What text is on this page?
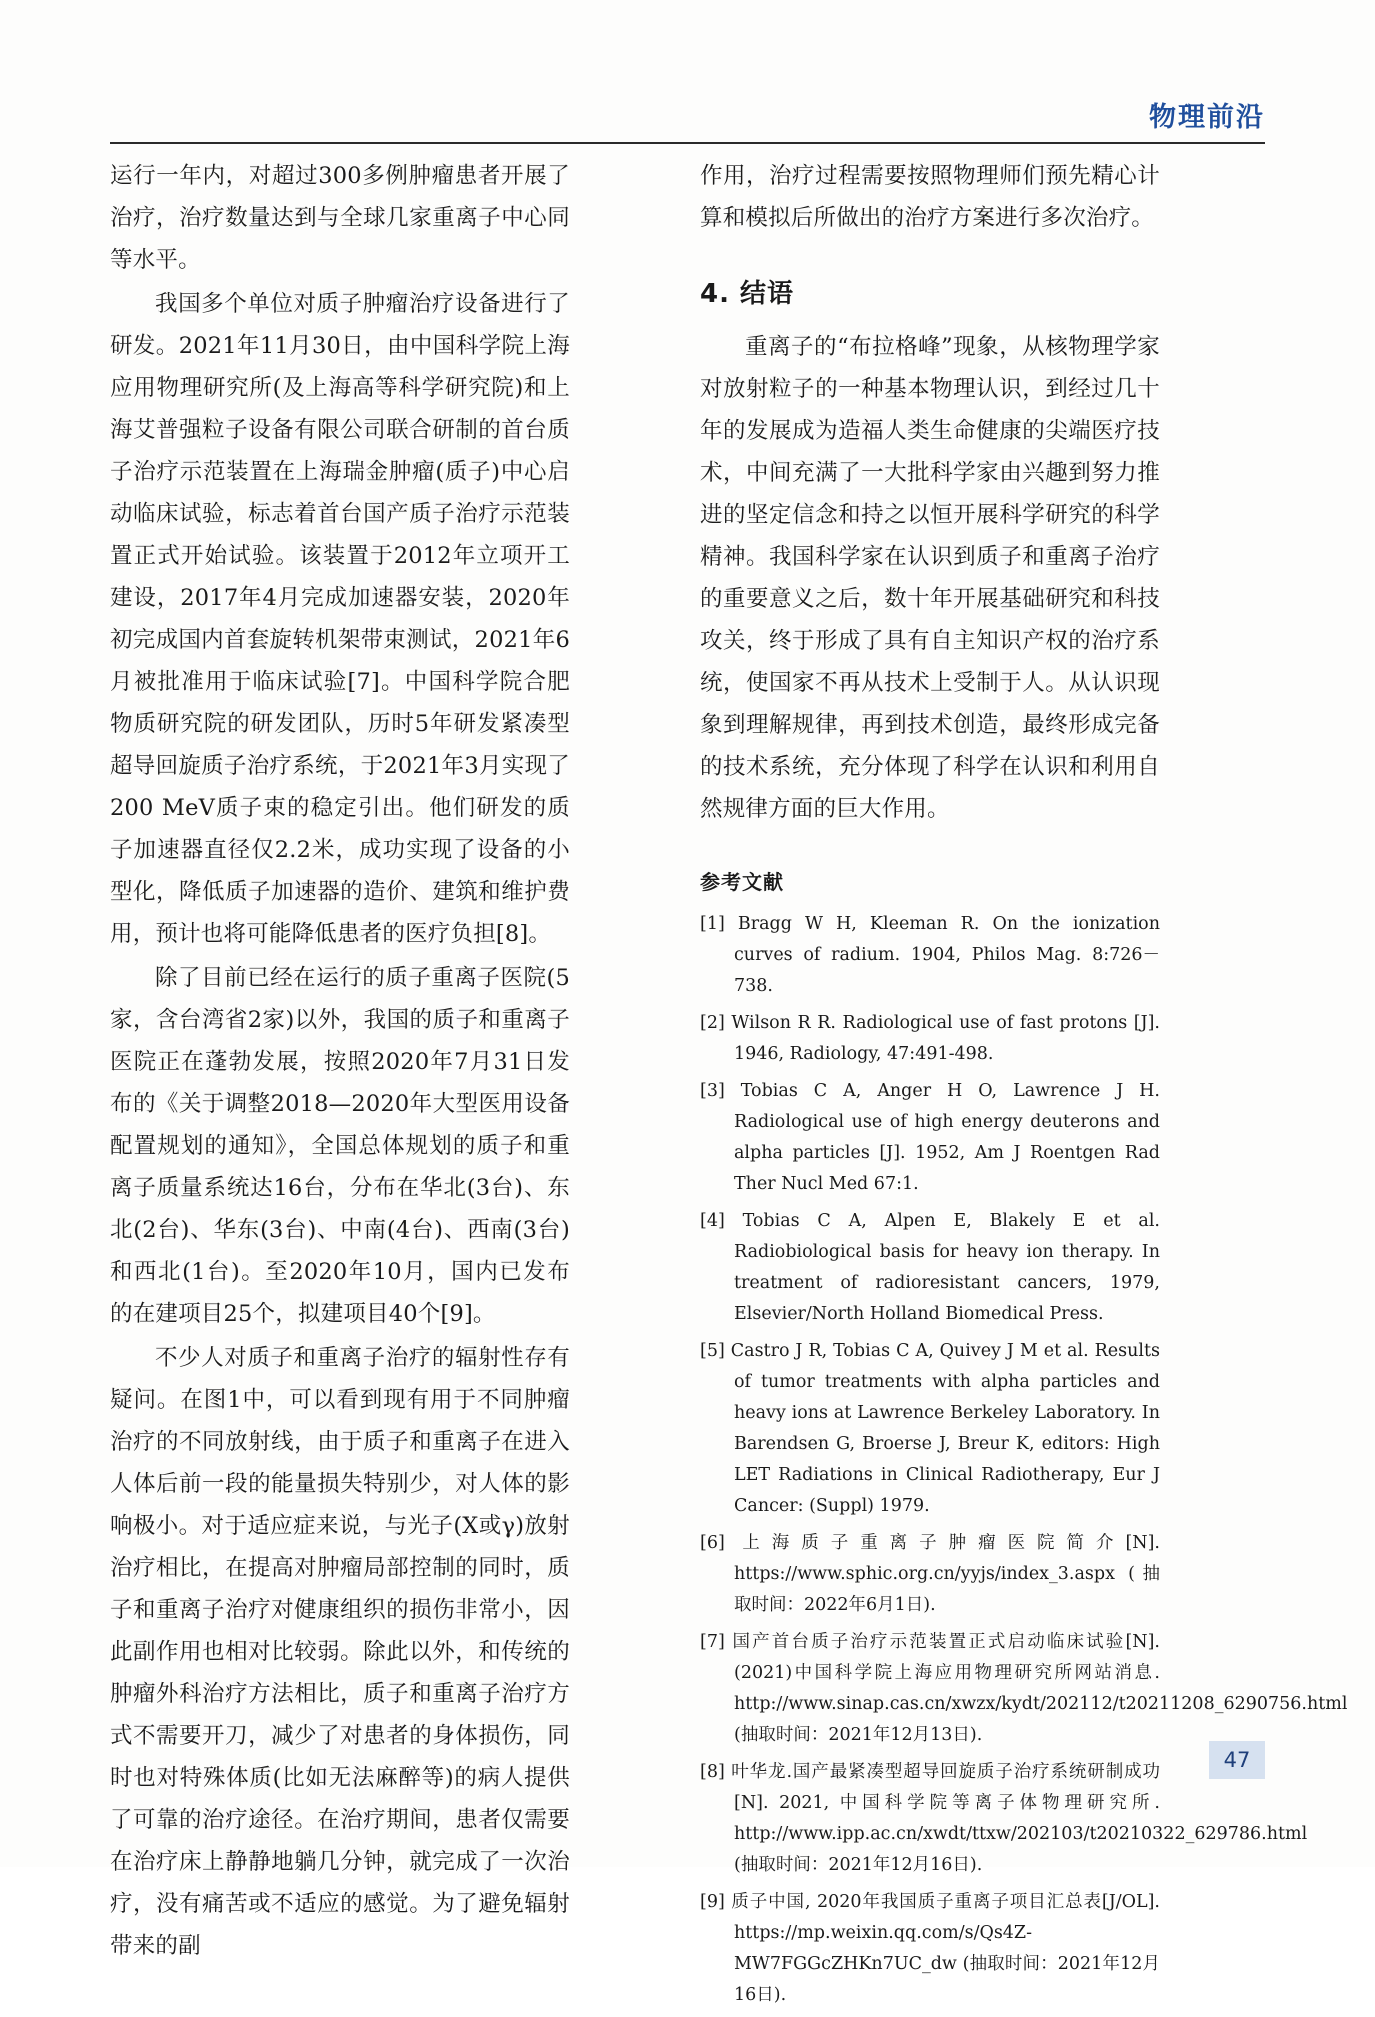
物理前沿

运行一年内，对超过300多例肿瘤患者开展了治疗，治疗数量达到与全球几家重离子中心同等水平。

我国多个单位对质子肿瘤治疗设备进行了研发。2021年11月30日，由中国科学院上海应用物理研究所(及上海高等科学研究院)和上海艾普强粒子设备有限公司联合研制的首台质子治疗示范装置在上海瑞金肿瘤(质子)中心启动临床试验，标志着首台国产质子治疗示范装置正式开始试验。该装置于2012年立项开工建设，2017年4月完成加速器安装，2020年初完成国内首套旋转机架带束测试，2021年6月被批准用于临床试验[7]。中国科学院合肥物质研究院的研发团队，历时5年研发紧凑型超导回旋质子治疗系统，于2021年3月实现了200 MeV质子束的稳定引出。他们研发的质子加速器直径仅2.2米，成功实现了设备的小型化，降低质子加速器的造价、建筑和维护费用，预计也将可能降低患者的医疗负担[8]。

除了目前已经在运行的质子重离子医院(5家，含台湾省2家)以外，我国的质子和重离子医院正在蓬勃发展，按照2020年7月31日发布的《关于调整2018—2020年大型医用设备配置规划的通知》，全国总体规划的质子和重离子质量系统达16台，分布在华北(3台)、东北(2台)、华东(3台)、中南(4台)、西南(3台)和西北(1台)。至2020年10月，国内已发布的在建项目25个，拟建项目40个[9]。

不少人对质子和重离子治疗的辐射性存有疑问。在图1中，可以看到现有用于不同肿瘤治疗的不同放射线，由于质子和重离子在进入人体后前一段的能量损失特别少，对人体的影响极小。对于适应症来说，与光子(X或γ)放射治疗相比，在提高对肿瘤局部控制的同时，质子和重离子治疗对健康组织的损伤非常小，因此副作用也相对比较弱。除此以外，和传统的肿瘤外科治疗方法相比，质子和重离子治疗方式不需要开刀，减少了对患者的身体损伤，同时也对特殊体质(比如无法麻醉等)的病人提供了可靠的治疗途径。在治疗期间，患者仅需要在治疗床上静静地躺几分钟，就完成了一次治疗，没有痛苦或不适应的感觉。为了避免辐射带来的副

作用，治疗过程需要按照物理师们预先精心计算和模拟后所做出的治疗方案进行多次治疗。

4. 结语

重离子的“布拉格峰”现象，从核物理学家对放射粒子的一种基本物理认识，到经过几十年的发展成为造福人类生命健康的尖端医疗技术，中间充满了一大批科学家由兴趣到努力推进的坚定信念和持之以恒开展科学研究的科学精神。我国科学家在认识到质子和重离子治疗的重要意义之后，数十年开展基础研究和科技攻关，终于形成了具有自主知识产权的治疗系统，使国家不再从技术上受制于人。从认识现象到理解规律，再到技术创造，最终形成完备的技术系统，充分体现了科学在认识和利用自然规律方面的巨大作用。

参考文献
[1] Bragg W H, Kleeman R. On the ionization curves of radium. 1904, Philos Mag. 8:726－738.
[2] Wilson R R. Radiological use of fast protons [J]. 1946, Radiology, 47:491-498.
[3] Tobias C A, Anger H O, Lawrence J H. Radiological use of high energy deuterons and alpha particles [J]. 1952, Am J Roentgen Rad Ther Nucl Med 67:1.
[4] Tobias C A, Alpen E, Blakely E et al. Radiobiological basis for heavy ion therapy. In treatment of radioresistant cancers, 1979, Elsevier/North Holland Biomedical Press.
[5] Castro J R, Tobias C A, Quivey J M et al. Results of tumor treatments with alpha particles and heavy ions at Lawrence Berkeley Laboratory. In Barendsen G, Broerse J, Breur K, editors: High LET Radiations in Clinical Radiotherapy, Eur J Cancer: (Suppl) 1979.
[6] 上海质子重离子肿瘤医院简介[N]. https://www.sphic.org.cn/yyjs/index_3.aspx (抽取时间：2022年6月1日).
[7] 国产首台质子治疗示范装置正式启动临床试验[N].(2021)中国科学院上海应用物理研究所网站消息. http://www.sinap.cas.cn/xwzx/kydt/202112/t20211208_6290756.html (抽取时间：2021年12月13日).
[8] 叶华龙.国产最紧凑型超导回旋质子治疗系统研制成功[N]. 2021, 中国科学院等离子体物理研究所. http://www.ipp.ac.cn/xwdt/ttxw/202103/t20210322_629786.html (抽取时间：2021年12月16日).
[9] 质子中国, 2020年我国质子重离子项目汇总表[J/OL]. https://mp.weixin.qq.com/s/Qs4Z- MW7FGGcZHKn7UC_dw (抽取时间：2021年12月16日).
47
